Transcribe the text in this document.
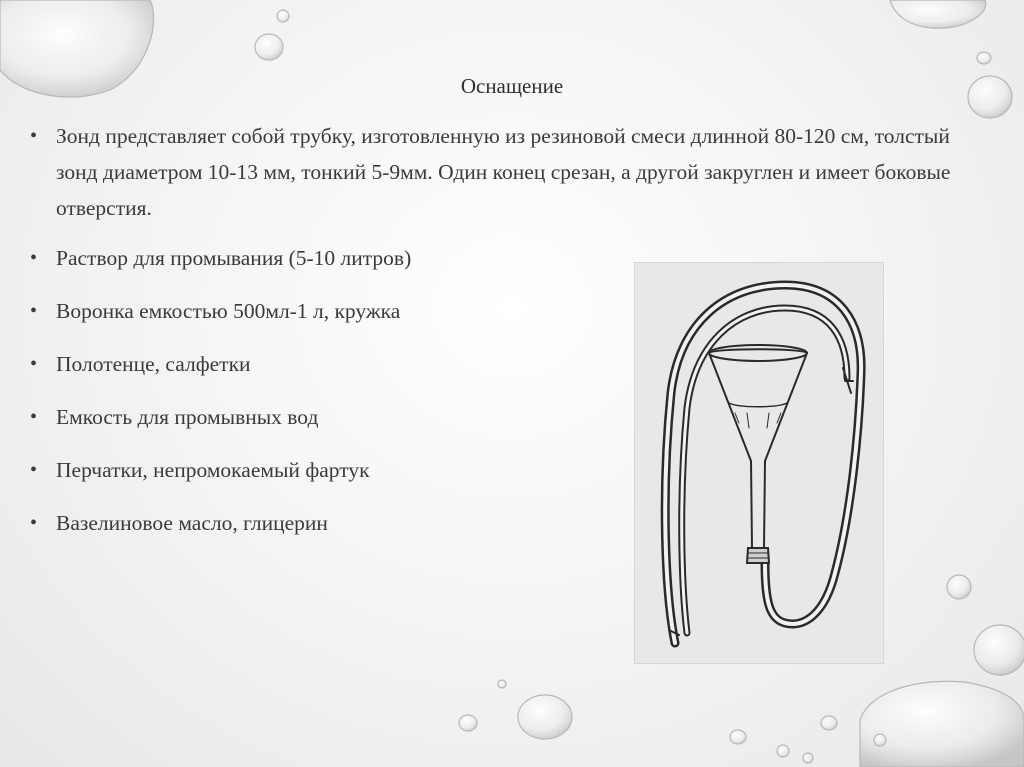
Оснащение
• Зонд представляет собой трубку, изготовленную из резиновой смеси длинной 80-120 см, толстый зонд диаметром 10-13 мм, тонкий 5-9мм. Один конец срезан, а другой закруглен и имеет боковые отверстия.
• Раствор для промывания (5-10 литров)
• Воронка емкостью 500мл-1 л, кружка
• Полотенце, салфетки
• Емкость для промывных вод
• Перчатки, непромокаемый фартук
• Вазелиновое масло, глицерин
